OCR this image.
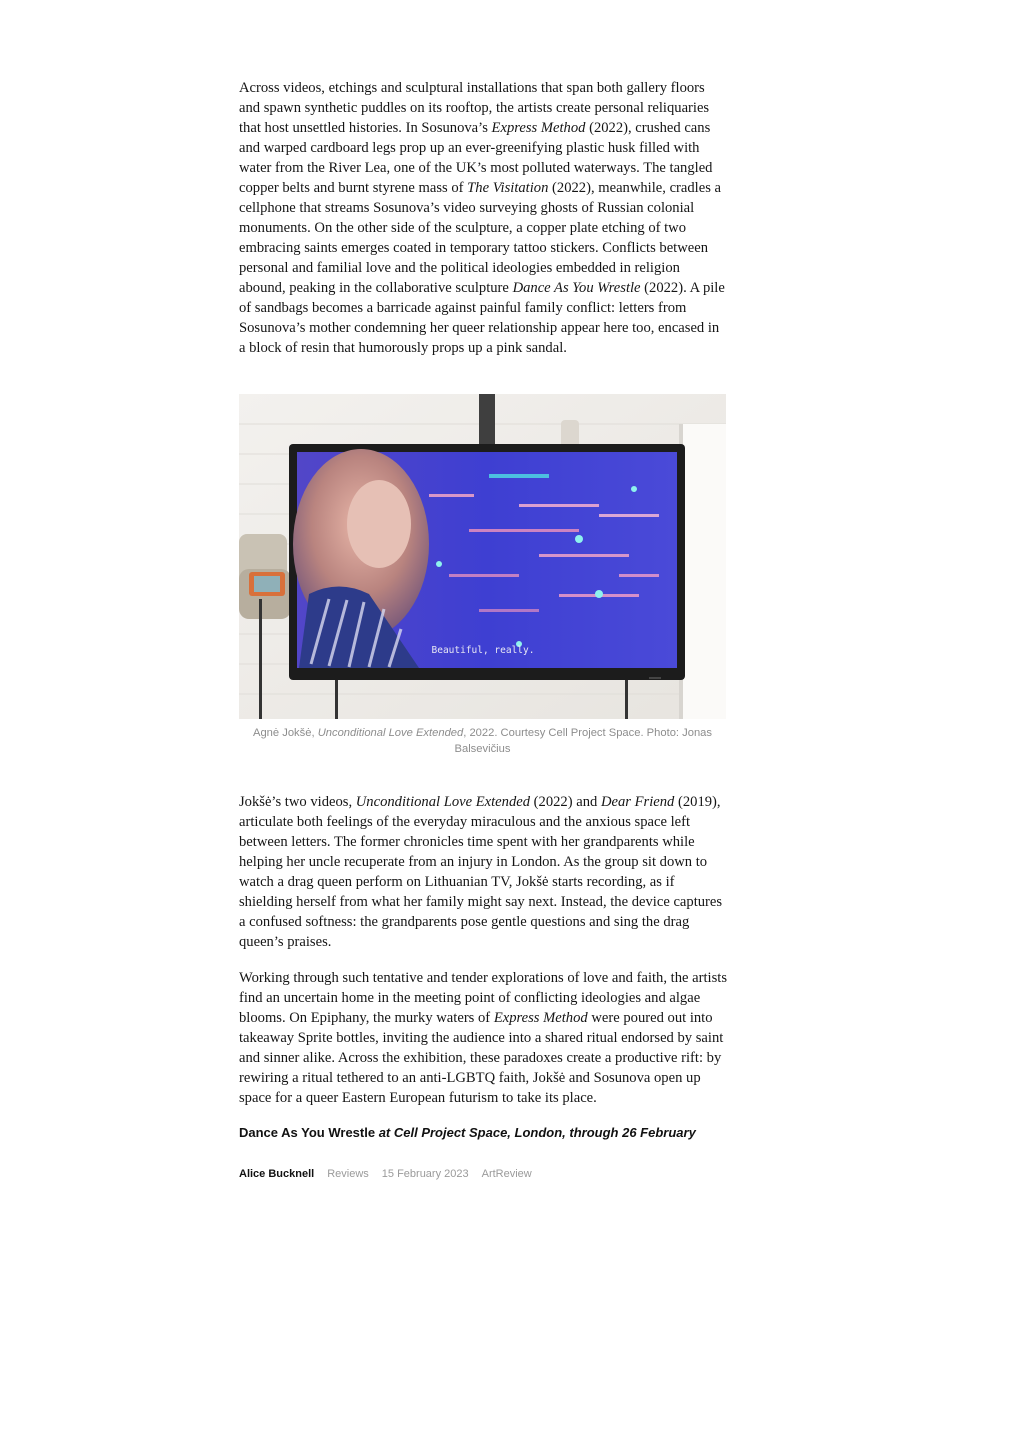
Across videos, etchings and sculptural installations that span both gallery floors and spawn synthetic puddles on its rooftop, the artists create personal reliquaries that host unsettled histories. In Sosunova’s Express Method (2022), crushed cans and warped cardboard legs prop up an ever-greenifying plastic husk filled with water from the River Lea, one of the UK’s most polluted waterways. The tangled copper belts and burnt styrene mass of The Visitation (2022), meanwhile, cradles a cellphone that streams Sosunova’s video surveying ghosts of Russian colonial monuments. On the other side of the sculpture, a copper plate etching of two embracing saints emerges coated in temporary tattoo stickers. Conflicts between personal and familial love and the political ideologies embedded in religion abound, peaking in the collaborative sculpture Dance As You Wrestle (2022). A pile of sandbags becomes a barricade against painful family conflict: letters from Sosunova’s mother condemning her queer relationship appear here too, encased in a block of resin that humorously props up a pink sandal.

Beautiful, really.

Agnė Jokšė, Unconditional Love Extended, 2022. Courtesy Cell Project Space. Photo: Jonas Balsevičius

Jokšė’s two videos, Unconditional Love Extended (2022) and Dear Friend (2019), articulate both feelings of the everyday miraculous and the anxious space left between letters. The former chronicles time spent with her grandparents while helping her uncle recuperate from an injury in London. As the group sit down to watch a drag queen perform on Lithuanian TV, Jokšė starts recording, as if shielding herself from what her family might say next. Instead, the device captures a confused softness: the grandparents pose gentle questions and sing the drag queen’s praises.

Working through such tentative and tender explorations of love and faith, the artists find an uncertain home in the meeting point of conflicting ideologies and algae blooms. On Epiphany, the murky waters of Express Method were poured out into takeaway Sprite bottles, inviting the audience into a shared ritual endorsed by saint and sinner alike. Across the exhibition, these paradoxes create a productive rift: by rewiring a ritual tethered to an anti-LGBTQ faith, Jokšė and Sosunova open up space for a queer Eastern European futurism to take its place.

Dance As You Wrestle at Cell Project Space, London, through 26 February

Alice Bucknell Reviews 15 February 2023 ArtReview
